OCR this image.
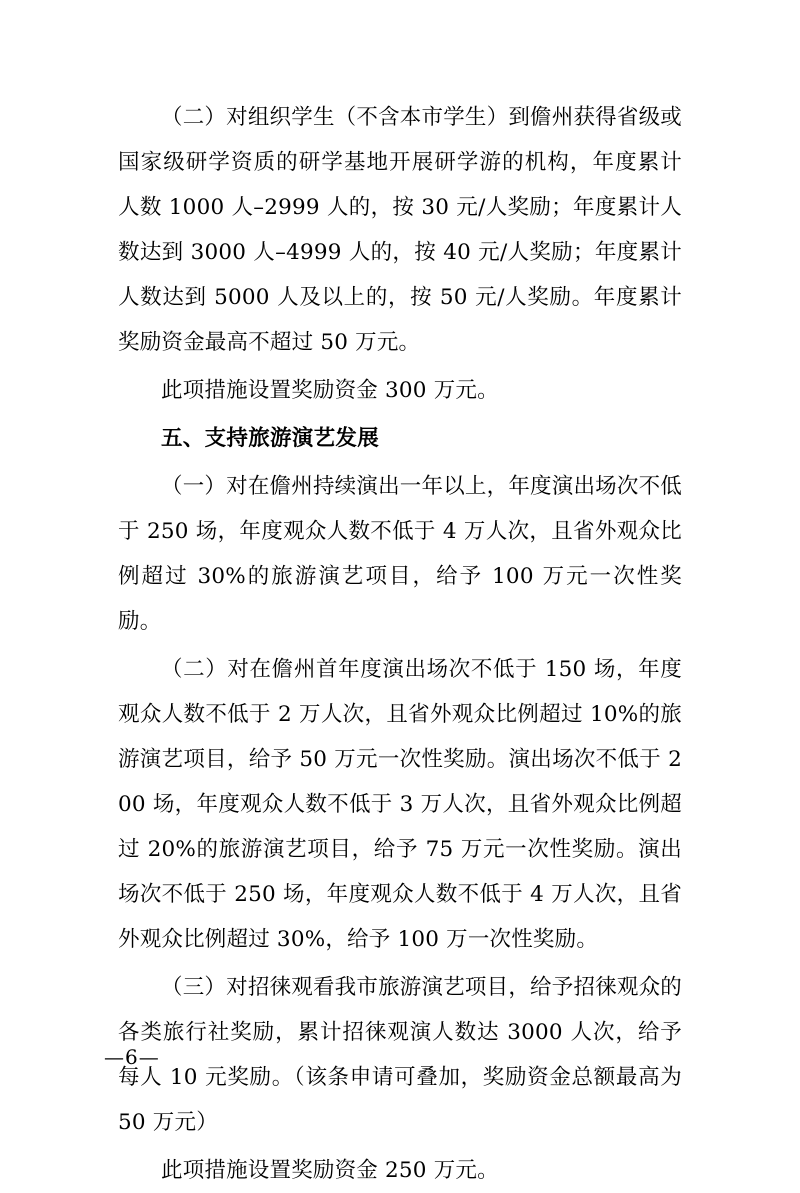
（二）对组织学生（不含本市学生）到儋州获得省级或国家级研学资质的研学基地开展研学游的机构，年度累计人数 1000 人–2999 人的，按 30 元/人奖励；年度累计人数达到 3000 人–4999 人的，按 40 元/人奖励；年度累计人数达到 5000 人及以上的，按 50 元/人奖励。年度累计奖励资金最高不超过 50 万元。

此项措施设置奖励资金 300 万元。

五、支持旅游演艺发展

（一）对在儋州持续演出一年以上，年度演出场次不低于 250 场，年度观众人数不低于 4 万人次，且省外观众比例超过 30%的旅游演艺项目，给予 100 万元一次性奖励。

（二）对在儋州首年度演出场次不低于 150 场，年度观众人数不低于 2 万人次，且省外观众比例超过 10%的旅游演艺项目，给予 50 万元一次性奖励。演出场次不低于 200 场，年度观众人数不低于 3 万人次，且省外观众比例超过 20%的旅游演艺项目，给予 75 万元一次性奖励。演出场次不低于 250 场，年度观众人数不低于 4 万人次，且省外观众比例超过 30%，给予 100 万一次性奖励。

（三）对招徕观看我市旅游演艺项目，给予招徕观众的各类旅行社奖励，累计招徕观演人数达 3000 人次，给予每人 10 元奖励。（该条申请可叠加，奖励资金总额最高为 50 万元）

此项措施设置奖励资金 250 万元。

—6—
